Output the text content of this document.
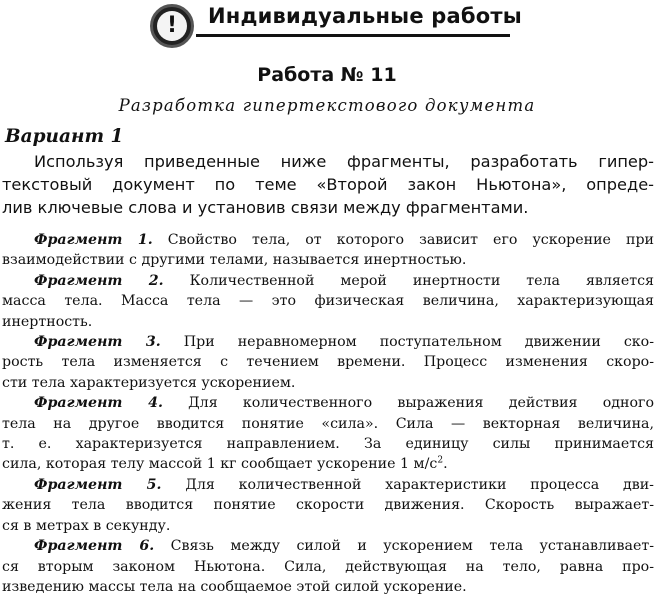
!	Индивидуальные работы
Работа № 11
Разработка гипертекстового документа
Вариант 1
Используя приведенные ниже фрагменты, разработать гипер-
текстовый документ по теме «Второй закон Ньютона», опреде-
лив ключевые слова и установив связи между фрагментами.
Фрагмент 1. Свойство тела, от которого зависит его ускорение при
взаимодействии с другими телами, называется инертностью.
Фрагмент 2. Количественной мерой инертности тела является
масса тела. Масса тела — это физическая величина, характеризующая
инертность.
Фрагмент 3. При неравномерном поступательном движении ско-
рость тела изменяется с течением времени. Процесс изменения скоро-
сти тела характеризуется ускорением.
Фрагмент 4. Для количественного выражения действия одного
тела на другое вводится понятие «сила». Сила — векторная величина,
т. е. характеризуется направлением. За единицу силы принимается
сила, которая телу массой 1 кг сообщает ускорение 1 $м/с^2$.
Фрагмент 5. Для количественной характеристики процесса дви-
жения тела вводится понятие скорости движения. Скорость выражает-
ся в метрах в секунду.
Фрагмент 6. Связь между силой и ускорением тела устанавливает-
ся вторым законом Ньютона. Сила, действующая на тело, равна про-
изведению массы тела на сообщаемое этой силой ускорение.
